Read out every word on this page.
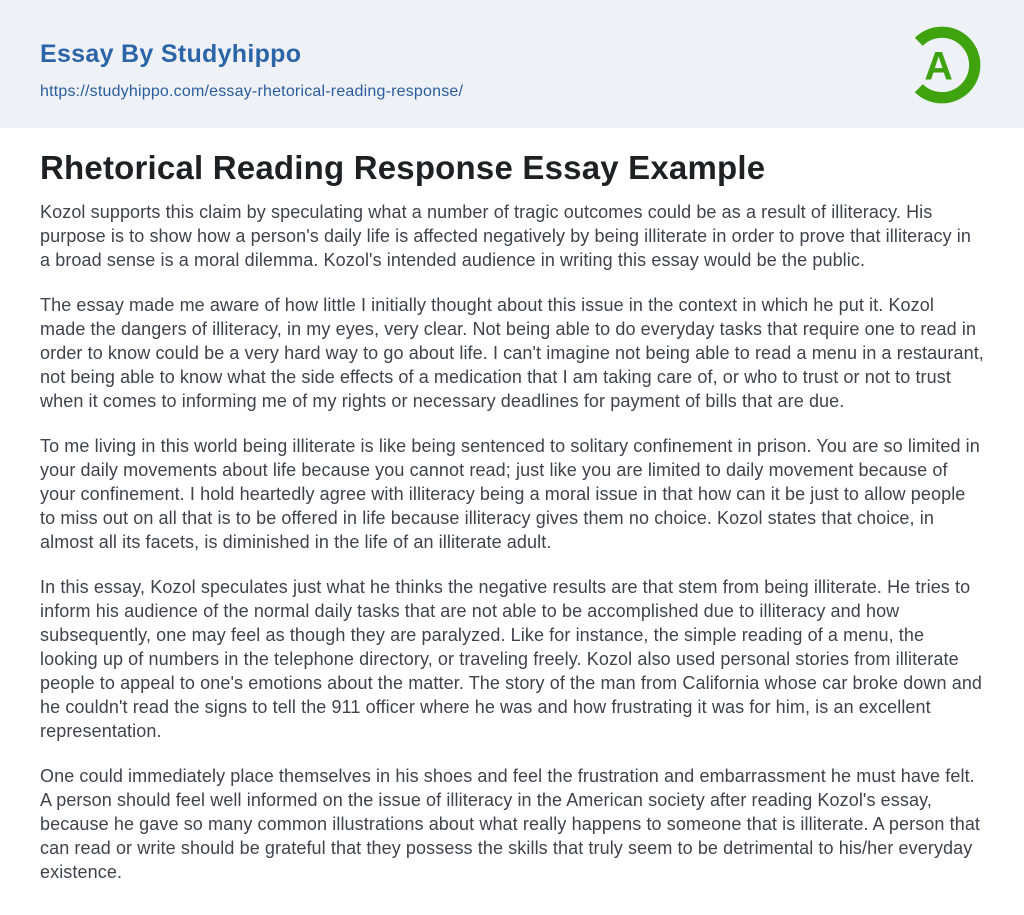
Essay By Studyhippo
https://studyhippo.com/essay-rhetorical-reading-response/
A
Rhetorical Reading Response Essay Example

Kozol supports this claim by speculating what a number of tragic outcomes could be as a result of illiteracy. His purpose is to show how a person's daily life is affected negatively by being illiterate in order to prove that illiteracy in a broad sense is a moral dilemma. Kozol's intended audience in writing this essay would be the public.

The essay made me aware of how little I initially thought about this issue in the context in which he put it. Kozol made the dangers of illiteracy, in my eyes, very clear. Not being able to do everyday tasks that require one to read in order to know could be a very hard way to go about life. I can't imagine not being able to read a menu in a restaurant, not being able to know what the side effects of a medication that I am taking care of, or who to trust or not to trust when it comes to informing me of my rights or necessary deadlines for payment of bills that are due.

To me living in this world being illiterate is like being sentenced to solitary confinement in prison. You are so limited in your daily movements about life because you cannot read; just like you are limited to daily movement because of your confinement. I hold heartedly agree with illiteracy being a moral issue in that how can it be just to allow people to miss out on all that is to be offered in life because illiteracy gives them no choice. Kozol states that choice, in almost all its facets, is diminished in the life of an illiterate adult.

In this essay, Kozol speculates just what he thinks the negative results are that stem from being illiterate. He tries to inform his audience of the normal daily tasks that are not able to be accomplished due to illiteracy and how subsequently, one may feel as though they are paralyzed. Like for instance, the simple reading of a menu, the looking up of numbers in the telephone directory, or traveling freely. Kozol also used personal stories from illiterate people to appeal to one's emotions about the matter. The story of the man from California whose car broke down and he couldn't read the signs to tell the 911 officer where he was and how frustrating it was for him, is an excellent representation.

One could immediately place themselves in his shoes and feel the frustration and embarrassment he must have felt. A person should feel well informed on the issue of illiteracy in the American society after reading Kozol's essay, because he gave so many common illustrations about what really happens to someone that is illiterate. A person that can read or write should be grateful that they possess the skills that truly seem to be detrimental to his/her everyday existence.
